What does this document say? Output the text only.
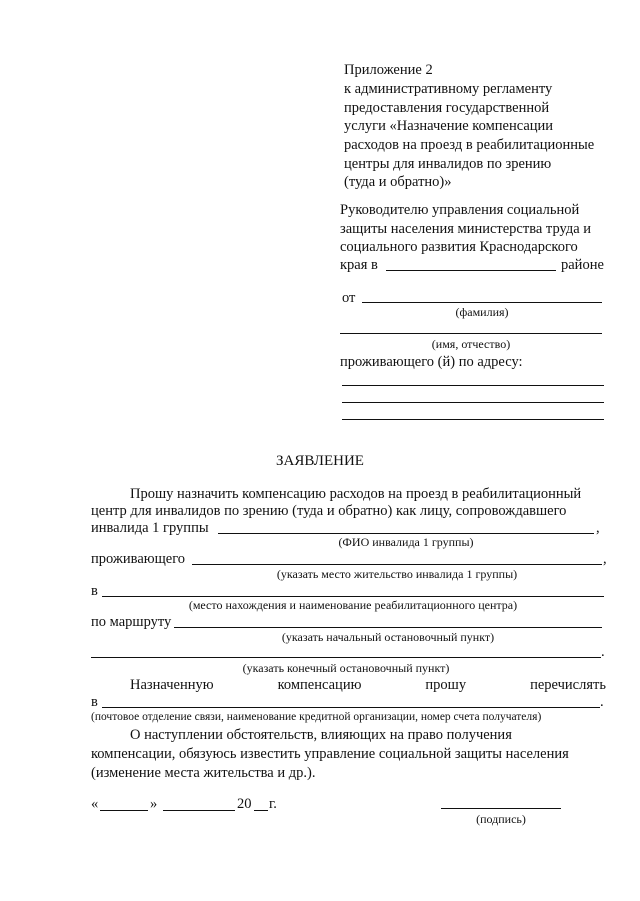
Приложение 2
к административному регламенту
предоставления государственной
услуги «Назначение компенсации
расходов на проезд в реабилитационные
центры для инвалидов по зрению
(туда и обратно)»
Руководителю управления социальной
защиты населения министерства труда и
социального развития Краснодарского
края в	районе
от
(фамилия)
(имя, отчество)
проживающего (й) по адресу:
ЗАЯВЛЕНИЕ
Прошу назначить компенсацию расходов на проезд в реабилитационный
центр для инвалидов по зрению (туда и обратно) как лицу, сопровождавшего
инвалида 1 группы	,
(ФИО инвалида 1 группы)
проживающего	,
(указать место жительство инвалида 1 группы)
в
(место нахождения и наименование реабилитационного центра)
по маршруту
(указать начальный остановочный пункт)
.
(указать конечный остановочный пункт)
Назначенную	компенсацию	прошу	перечислять
в	.
(почтовое отделение связи, наименование кредитной организации, номер счета получателя)
О наступлении обстоятельств, влияющих на право получения
компенсации, обязуюсь известить управление социальной защиты населения
(изменение места жительства и др.).
«	»	20 г.
(подпись)
